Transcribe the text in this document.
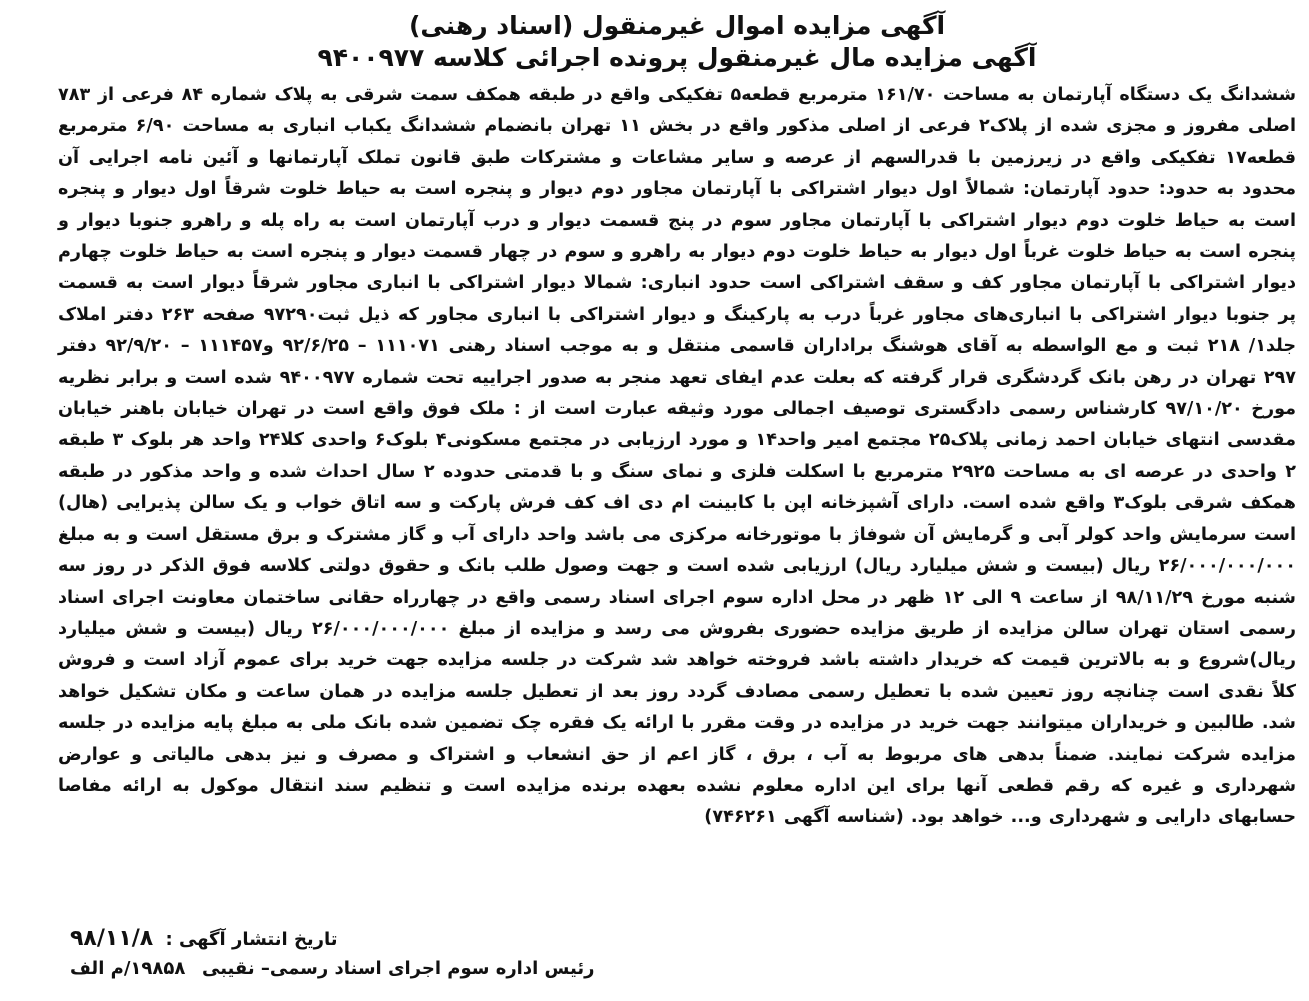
آگهی مزایده اموال غیرمنقول (اسناد رهنی)
آگهی مزایده مال غیرمنقول پرونده اجرائی کلاسه ۹۴۰۰۹۷۷

ششدانگ یک دستگاه آپارتمان به مساحت ۱۶۱/۷۰ مترمربع قطعه۵ تفکیکی واقع در طبقه همکف سمت شرقی به پلاک شماره ۸۴ فرعی از ۷۸۳ اصلی مفروز و مجزی شده از پلاک۲ فرعی از اصلی مذکور واقع در بخش ۱۱ تهران بانضمام ششدانگ یکباب انباری به مساحت ۶/۹۰ مترمربع قطعه۱۷ تفکیکی واقع در زیرزمین با قدرالسهم از عرصه و سایر مشاعات و مشترکات طبق قانون تملک آپارتمانها و آئین نامه اجرایی آن محدود به حدود: حدود آپارتمان: شمالاً اول دیوار اشتراکی با آپارتمان مجاور دوم دیوار و پنجره است به حیاط خلوت شرقاً اول دیوار و پنجره است به حیاط خلوت دوم دیوار اشتراکی با آپارتمان مجاور سوم در پنج قسمت دیوار و درب آپارتمان است به راه پله و راهرو جنوبا دیوار و پنجره است به حیاط خلوت غرباً اول دیوار به حیاط خلوت دوم دیوار به راهرو و سوم در چهار قسمت دیوار و پنجره است به حیاط خلوت چهارم دیوار اشتراکی با آپارتمان مجاور کف و سقف اشتراکی است حدود انباری: شمالا دیوار اشتراکی با انباری مجاور شرقاً دیوار است به قسمت پر جنوبا دیوار اشتراکی با انباری‌های مجاور غرباً درب به پارکینگ و دیوار اشتراکی با انباری مجاور که ذیل ثبت۹۷۲۹۰ صفحه ۲۶۳ دفتر املاک جلد۱/ ۲۱۸ ثبت و مع الواسطه به آقای هوشنگ براداران قاسمی منتقل و به موجب اسناد رهنی ۱۱۱۰۷۱ – ۹۲/۶/۲۵ و۱۱۱۴۵۷ – ۹۲/۹/۲۰ دفتر ۲۹۷ تهران در رهن بانک گردشگری قرار گرفته که بعلت عدم ایفای تعهد منجر به صدور اجراییه تحت شماره ۹۴۰۰۹۷۷ شده است و برابر نظریه مورخ ۹۷/۱۰/۲۰ کارشناس رسمی دادگستری توصیف اجمالی مورد وثیقه عبارت است از : ملک فوق واقع است در تهران خیابان باهنر خیابان مقدسی انتهای خیابان احمد زمانی پلاک۲۵ مجتمع امیر واحد۱۴ و مورد ارزیابی در مجتمع مسکونی۴ بلوک۶ واحدی کلا۲۴ واحد هر بلوک ۳ طبقه ۲ واحدی در عرصه ای به مساحت ۲۹۲۵ مترمربع با اسکلت فلزی و نمای سنگ و با قدمتی حدوده ۲ سال احداث شده و واحد مذکور در طبقه همکف شرقی بلوک۳ واقع شده است. دارای آشپزخانه اپن با کابینت ام دی اف کف فرش پارکت و سه اتاق خواب و یک سالن پذیرایی (هال) است سرمایش واحد کولر آبی و گرمایش آن شوفاژ با موتورخانه مرکزی می باشد واحد دارای آب و گاز مشترک و برق مستقل است و به مبلغ ۲۶/۰۰۰/۰۰۰/۰۰۰ ریال (بیست و شش میلیارد ریال) ارزیابی شده است و جهت وصول طلب بانک و حقوق دولتی کلاسه فوق الذکر در روز سه شنبه مورخ ۹۸/۱۱/۲۹ از ساعت ۹ الی ۱۲ ظهر در محل اداره سوم اجرای اسناد رسمی واقع در چهارراه حقانی ساختمان معاونت اجرای اسناد رسمی استان تهران سالن مزایده از طریق مزایده حضوری بفروش می رسد و مزایده از مبلغ ۲۶/۰۰۰/۰۰۰/۰۰۰ ریال (بیست و شش میلیارد ریال)شروع و به بالاترین قیمت که خریدار داشته باشد فروخته خواهد شد شرکت در جلسه مزایده جهت خرید برای عموم آزاد است و فروش کلاً نقدی است چنانچه روز تعیین شده با تعطیل رسمی مصادف گردد روز بعد از تعطیل جلسه مزایده در همان ساعت و مکان تشکیل خواهد شد. طالبین و خریداران میتوانند جهت خرید در مزایده در وقت مقرر با ارائه یک فقره چک تضمین شده بانک ملی به مبلغ پایه مزایده در جلسه مزایده شرکت نمایند. ضمناً بدهی های مربوط به آب ، برق ، گاز اعم از حق انشعاب و اشتراک و مصرف و نیز بدهی مالیاتی و عوارض شهرداری و غیره که رقم قطعی آنها برای این اداره معلوم نشده بعهده برنده مزایده است و تنظیم سند انتقال موکول به ارائه مفاصا حسابهای دارایی و شهرداری و... خواهد بود. (شناسه آگهی ۷۴۶۲۶۱)

تاریخ انتشار آگهی : ۹۸/۱۱/۸
رئیس اداره سوم اجرای اسناد رسمی– نقیبی
۱۹۸۵۸/م الف
